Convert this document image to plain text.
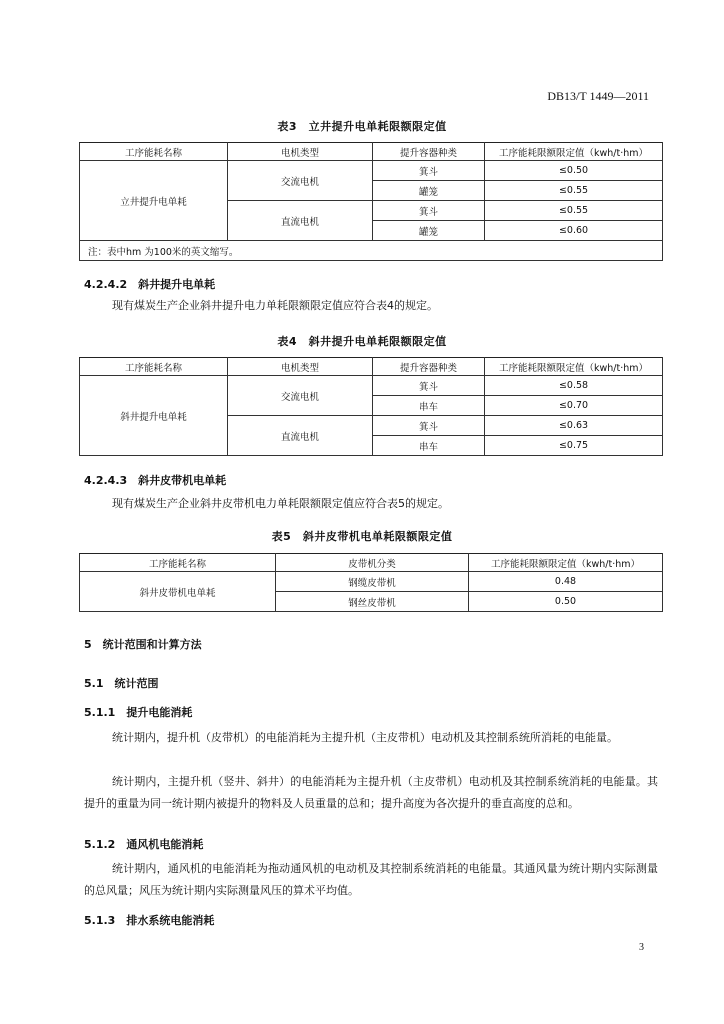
DB13/T 1449—2011
表3　立井提升电单耗限额限定值
工序能耗名称	电机类型	提升容器种类	工序能耗限额限定值（kwh/t·hm）
立井提升电单耗	交流电机	箕斗	≤0.50
		罐笼	≤0.55
	直流电机	箕斗	≤0.55
		罐笼	≤0.60
注：表中hm 为100米的英文缩写。			
4.2.4.2　斜井提升电单耗
现有煤炭生产企业斜井提升电力单耗限额限定值应符合表4的规定。
表4　斜井提升电单耗限额限定值
工序能耗名称	电机类型	提升容器种类	工序能耗限额限定值（kwh/t·hm）
斜井提升电单耗	交流电机	箕斗	≤0.58
		串车	≤0.70
	直流电机	箕斗	≤0.63
		串车	≤0.75
4.2.4.3　斜井皮带机电单耗
现有煤炭生产企业斜井皮带机电力单耗限额限定值应符合表5的规定。
表5　斜井皮带机电单耗限额限定值
工序能耗名称	皮带机分类	工序能耗限额限定值（kwh/t·hm）
斜井皮带机电单耗	钢缆皮带机	0.48
	钢丝皮带机	0.50
5　统计范围和计算方法
5.1　统计范围
5.1.1　提升电能消耗
统计期内，提升机（皮带机）的电能消耗为主提升机（主皮带机）电动机及其控制系统所消耗的电能量。
统计期内，主提升机（竖井、斜井）的电能消耗为主提升机（主皮带机）电动机及其控制系统消耗的电能量。其提升的重量为同一统计期内被提升的物料及人员重量的总和；提升高度为各次提升的垂直高度的总和。
5.1.2　通风机电能消耗
统计期内，通风机的电能消耗为拖动通风机的电动机及其控制系统消耗的电能量。其通风量为统计期内实际测量的总风量；风压为统计期内实际测量风压的算术平均值。
5.1.3　排水系统电能消耗
3
